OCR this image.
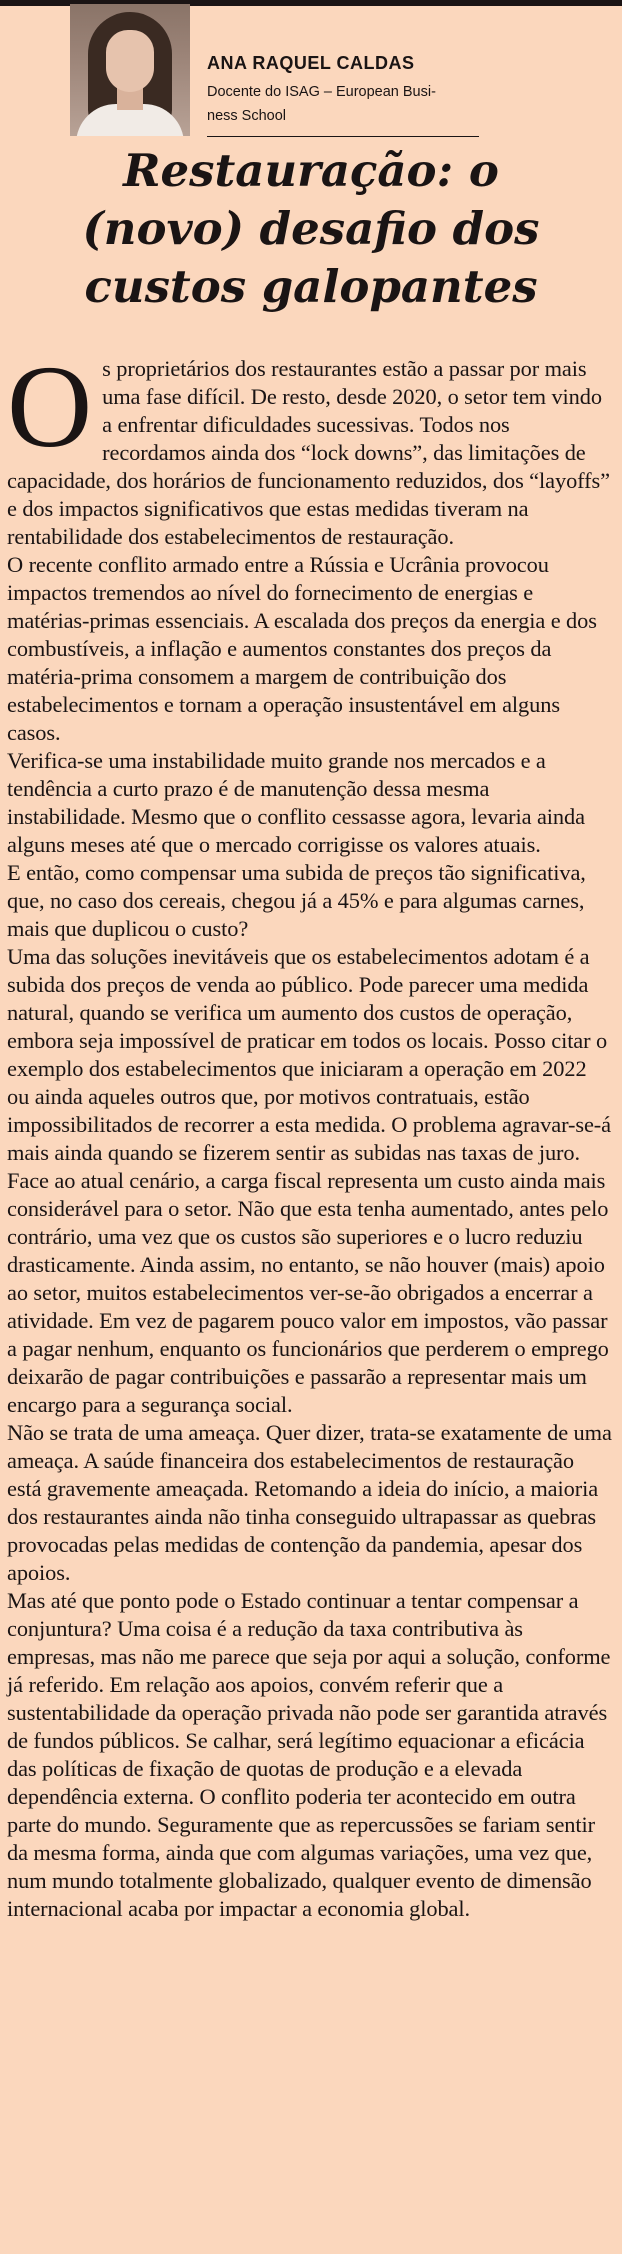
ANA RAQUEL CALDAS
Docente do ISAG – European Busi-
ness School
Restauração: o (novo) desafio dos custos galopantes

Os proprietários dos restaurantes estão a passar por mais uma fase difícil. De resto, desde 2020, o setor tem vindo a enfrentar dificuldades sucessivas. Todos nos recordamos ainda dos “lock downs”, das limitações de capacidade, dos horários de funcionamento reduzidos, dos “layoffs” e dos impactos significativos que estas medidas tiveram na rentabilidade dos estabelecimentos de restauração.

O recente conflito armado entre a Rússia e Ucrânia provocou impactos tremendos ao nível do fornecimento de energias e matérias-primas essenciais. A escalada dos preços da energia e dos combustíveis, a inflação e aumentos constantes dos preços da matéria-prima consomem a margem de contribuição dos estabelecimentos e tornam a operação insustentável em alguns casos.

Verifica-se uma instabilidade muito grande nos mercados e a tendência a curto prazo é de manutenção dessa mesma instabilidade. Mesmo que o conflito cessasse agora, levaria ainda alguns meses até que o mercado corrigisse os valores atuais.

E então, como compensar uma subida de preços tão significativa, que, no caso dos cereais, chegou já a 45% e para algumas carnes, mais que duplicou o custo?

Uma das soluções inevitáveis que os estabelecimentos adotam é a subida dos preços de venda ao público. Pode parecer uma medida natural, quando se verifica um aumento dos custos de operação, embora seja impossível de praticar em todos os locais. Posso citar o exemplo dos estabelecimentos que iniciaram a operação em 2022 ou ainda aqueles outros que, por motivos contratuais, estão impossibilitados de recorrer a esta medida. O problema agravar-se-á mais ainda quando se fizerem sentir as subidas nas taxas de juro.

Face ao atual cenário, a carga fiscal representa um custo ainda mais considerável para o setor. Não que esta tenha aumentado, antes pelo contrário, uma vez que os custos são superiores e o lucro reduziu drasticamente. Ainda assim, no entanto, se não houver (mais) apoio ao setor, muitos estabelecimentos ver-se-ão obrigados a encerrar a atividade. Em vez de pagarem pouco valor em impostos, vão passar a pagar nenhum, enquanto os funcionários que perderem o emprego deixarão de pagar contribuições e passarão a representar mais um encargo para a segurança social.

Não se trata de uma ameaça. Quer dizer, trata-se exatamente de uma ameaça. A saúde financeira dos estabelecimentos de restauração está gravemente ameaçada. Retomando a ideia do início, a maioria dos restaurantes ainda não tinha conseguido ultrapassar as quebras provocadas pelas medidas de contenção da pandemia, apesar dos apoios.

Mas até que ponto pode o Estado continuar a tentar compensar a conjuntura? Uma coisa é a redução da taxa contributiva às empresas, mas não me parece que seja por aqui a solução, conforme já referido. Em relação aos apoios, convém referir que a sustentabilidade da operação privada não pode ser garantida através de fundos públicos. Se calhar, será legítimo equacionar a eficácia das políticas de fixação de quotas de produção e a elevada dependência externa. O conflito poderia ter acontecido em outra parte do mundo. Seguramente que as repercussões se fariam sentir da mesma forma, ainda que com algumas variações, uma vez que, num mundo totalmente globalizado, qualquer evento de dimensão internacional acaba por impactar a economia global.
